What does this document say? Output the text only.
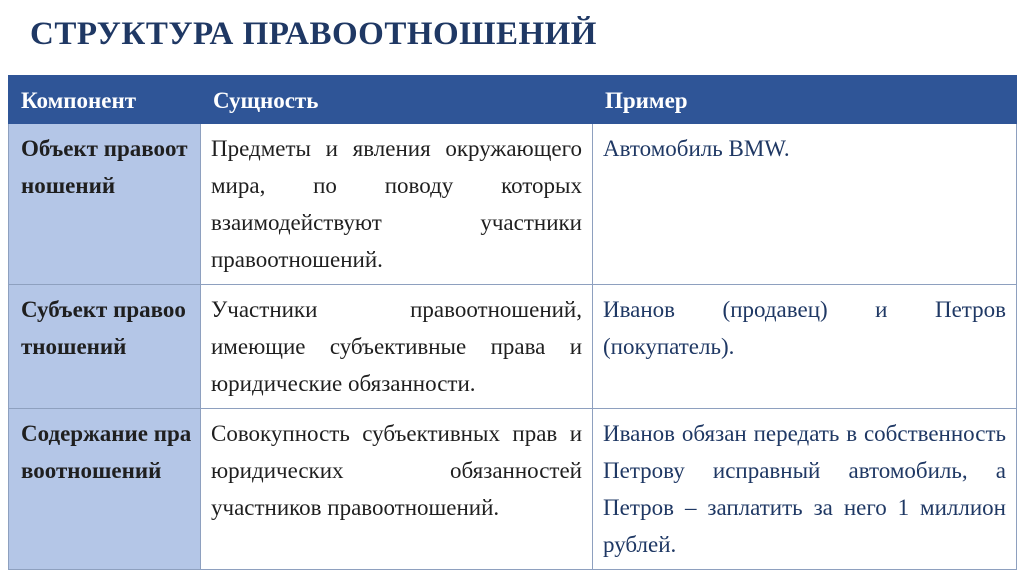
СТРУКТУРА ПРАВООТНОШЕНИЙ
Компонент	Сущность	Пример
Объект правоотношений	Предметы и явления окружающего мира, по поводу которых взаимодействуют участники правоотношений.	Автомобиль BMW.
Субъект правоотношений	Участники правоотношений, имеющие субъективные права и юридические обязанности.	Иванов (продавец) и Петров (покупатель).
Содержание правоотношений	Совокупность субъективных прав и юридических обязанностей участников правоотношений.	Иванов обязан передать в собственность Петрову исправный автомобиль, а Петров – заплатить за него 1 миллион рублей.
